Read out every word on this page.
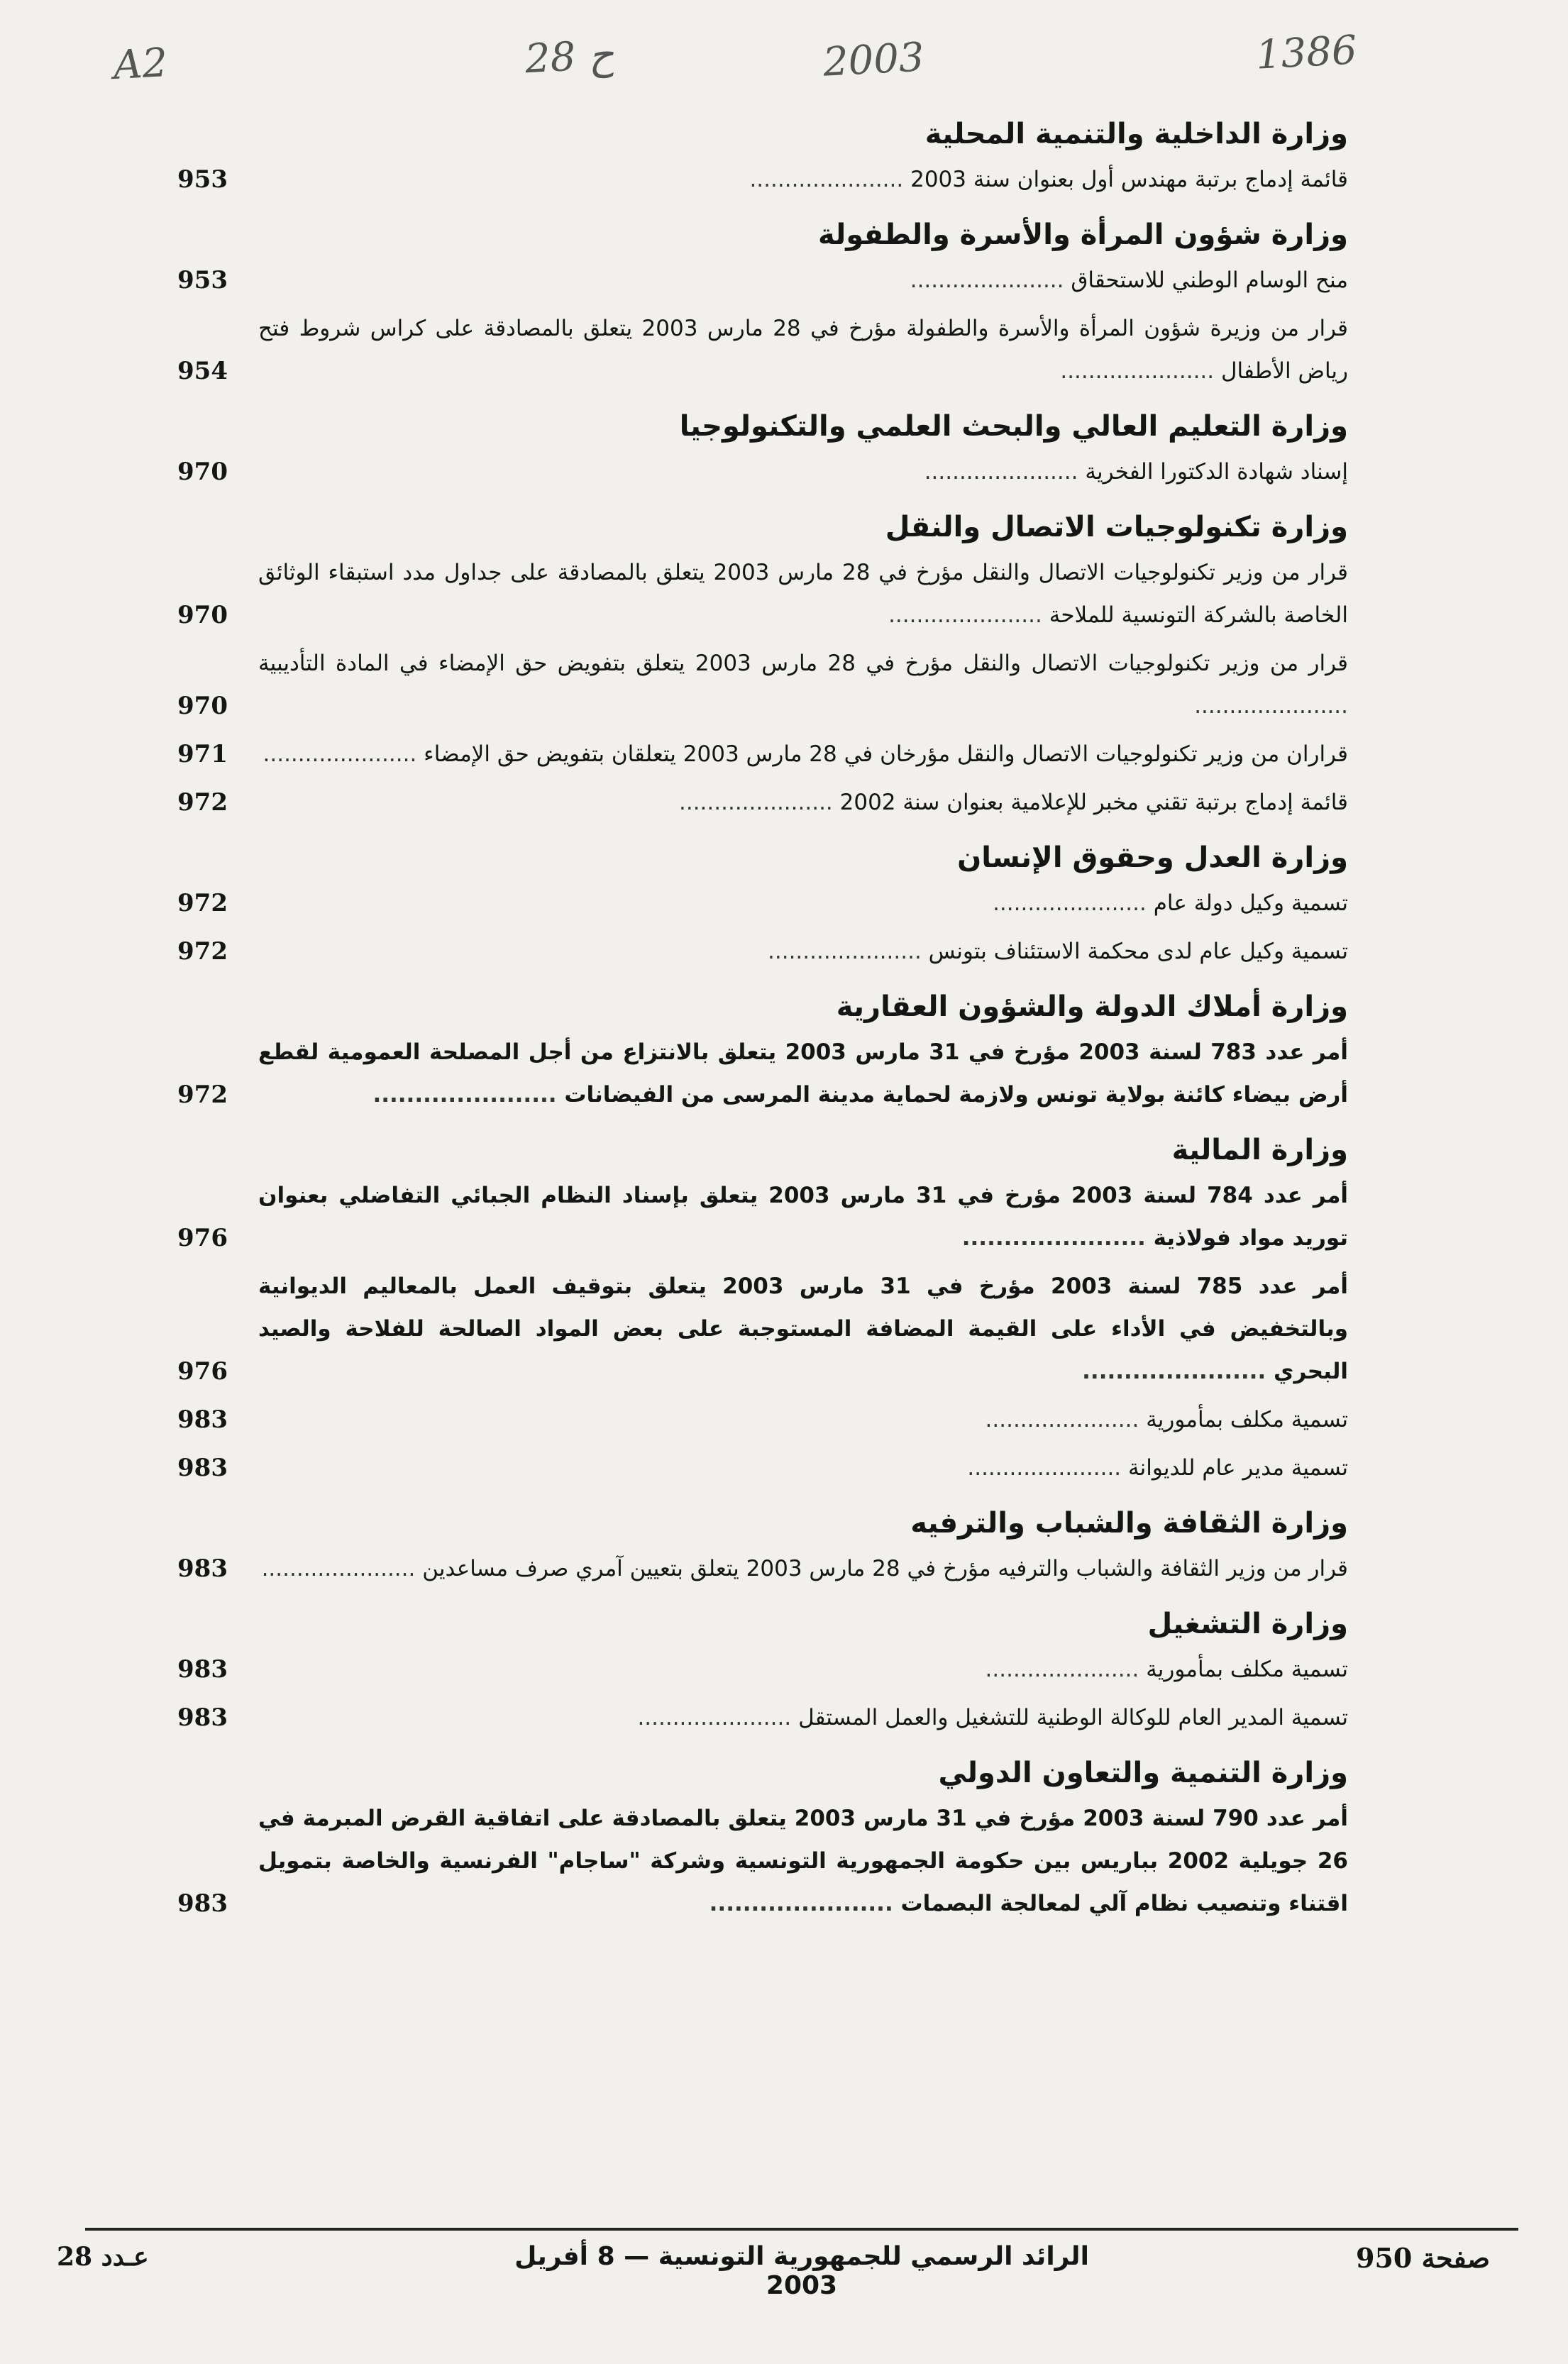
A2	28 ح	2003	1386
وزارة الداخلية والتنمية المحلية
قائمة إدماج برتبة مهندس أول بعنوان سنة 2003 ......................
953
وزارة شؤون المرأة والأسرة والطفولة
منح الوسام الوطني للاستحقاق ......................
953
قرار من وزيرة شؤون المرأة والأسرة والطفولة مؤرخ في 28 مارس 2003 يتعلق بالمصادقة على كراس شروط فتح رياض الأطفال ......................
954
وزارة التعليم العالي والبحث العلمي والتكنولوجيا
إسناد شهادة الدكتورا الفخرية ......................
970
وزارة تكنولوجيات الاتصال والنقل
قرار من وزير تكنولوجيات الاتصال والنقل مؤرخ في 28 مارس 2003 يتعلق بالمصادقة على جداول مدد استبقاء الوثائق الخاصة بالشركة التونسية للملاحة ......................
970
قرار من وزير تكنولوجيات الاتصال والنقل مؤرخ في 28 مارس 2003 يتعلق بتفويض حق الإمضاء في المادة التأديبية ......................
970
قراران من وزير تكنولوجيات الاتصال والنقل مؤرخان في 28 مارس 2003 يتعلقان بتفويض حق الإمضاء ......................
971
قائمة إدماج برتبة تقني مخبر للإعلامية بعنوان سنة 2002 ......................
972
وزارة العدل وحقوق الإنسان
تسمية وكيل دولة عام ......................
972
تسمية وكيل عام لدى محكمة الاستئناف بتونس ......................
972
وزارة أملاك الدولة والشؤون العقارية
أمر عدد 783 لسنة 2003 مؤرخ في 31 مارس 2003 يتعلق بالانتزاع من أجل المصلحة العمومية لقطع أرض بيضاء كائنة بولاية تونس ولازمة لحماية مدينة المرسى من الفيضانات ......................
972
وزارة المالية
أمر عدد 784 لسنة 2003 مؤرخ في 31 مارس 2003 يتعلق بإسناد النظام الجبائي التفاضلي بعنوان توريد مواد فولاذية ......................
976
أمر عدد 785 لسنة 2003 مؤرخ في 31 مارس 2003 يتعلق بتوقيف العمل بالمعاليم الديوانية وبالتخفيض في الأداء على القيمة المضافة المستوجبة على بعض المواد الصالحة للفلاحة والصيد البحري ......................
976
تسمية مكلف بمأمورية ......................
983
تسمية مدير عام للديوانة ......................
983
وزارة الثقافة والشباب والترفيه
قرار من وزير الثقافة والشباب والترفيه مؤرخ في 28 مارس 2003 يتعلق بتعيين آمري صرف مساعدين ......................
983
وزارة التشغيل
تسمية مكلف بمأمورية ......................
983
تسمية المدير العام للوكالة الوطنية للتشغيل والعمل المستقل ......................
983
وزارة التنمية والتعاون الدولي
أمر عدد 790 لسنة 2003 مؤرخ في 31 مارس 2003 يتعلق بالمصادقة على اتفاقية القرض المبرمة في 26 جويلية 2002 بباريس بين حكومة الجمهورية التونسية وشركة "ساجام" الفرنسية والخاصة بتمويل اقتناء وتنصيب نظام آلي لمعالجة البصمات ......................
983
صفحة 950
الرائد الرسمي للجمهورية التونسية — 8 أفريل 2003
عـدد 28
